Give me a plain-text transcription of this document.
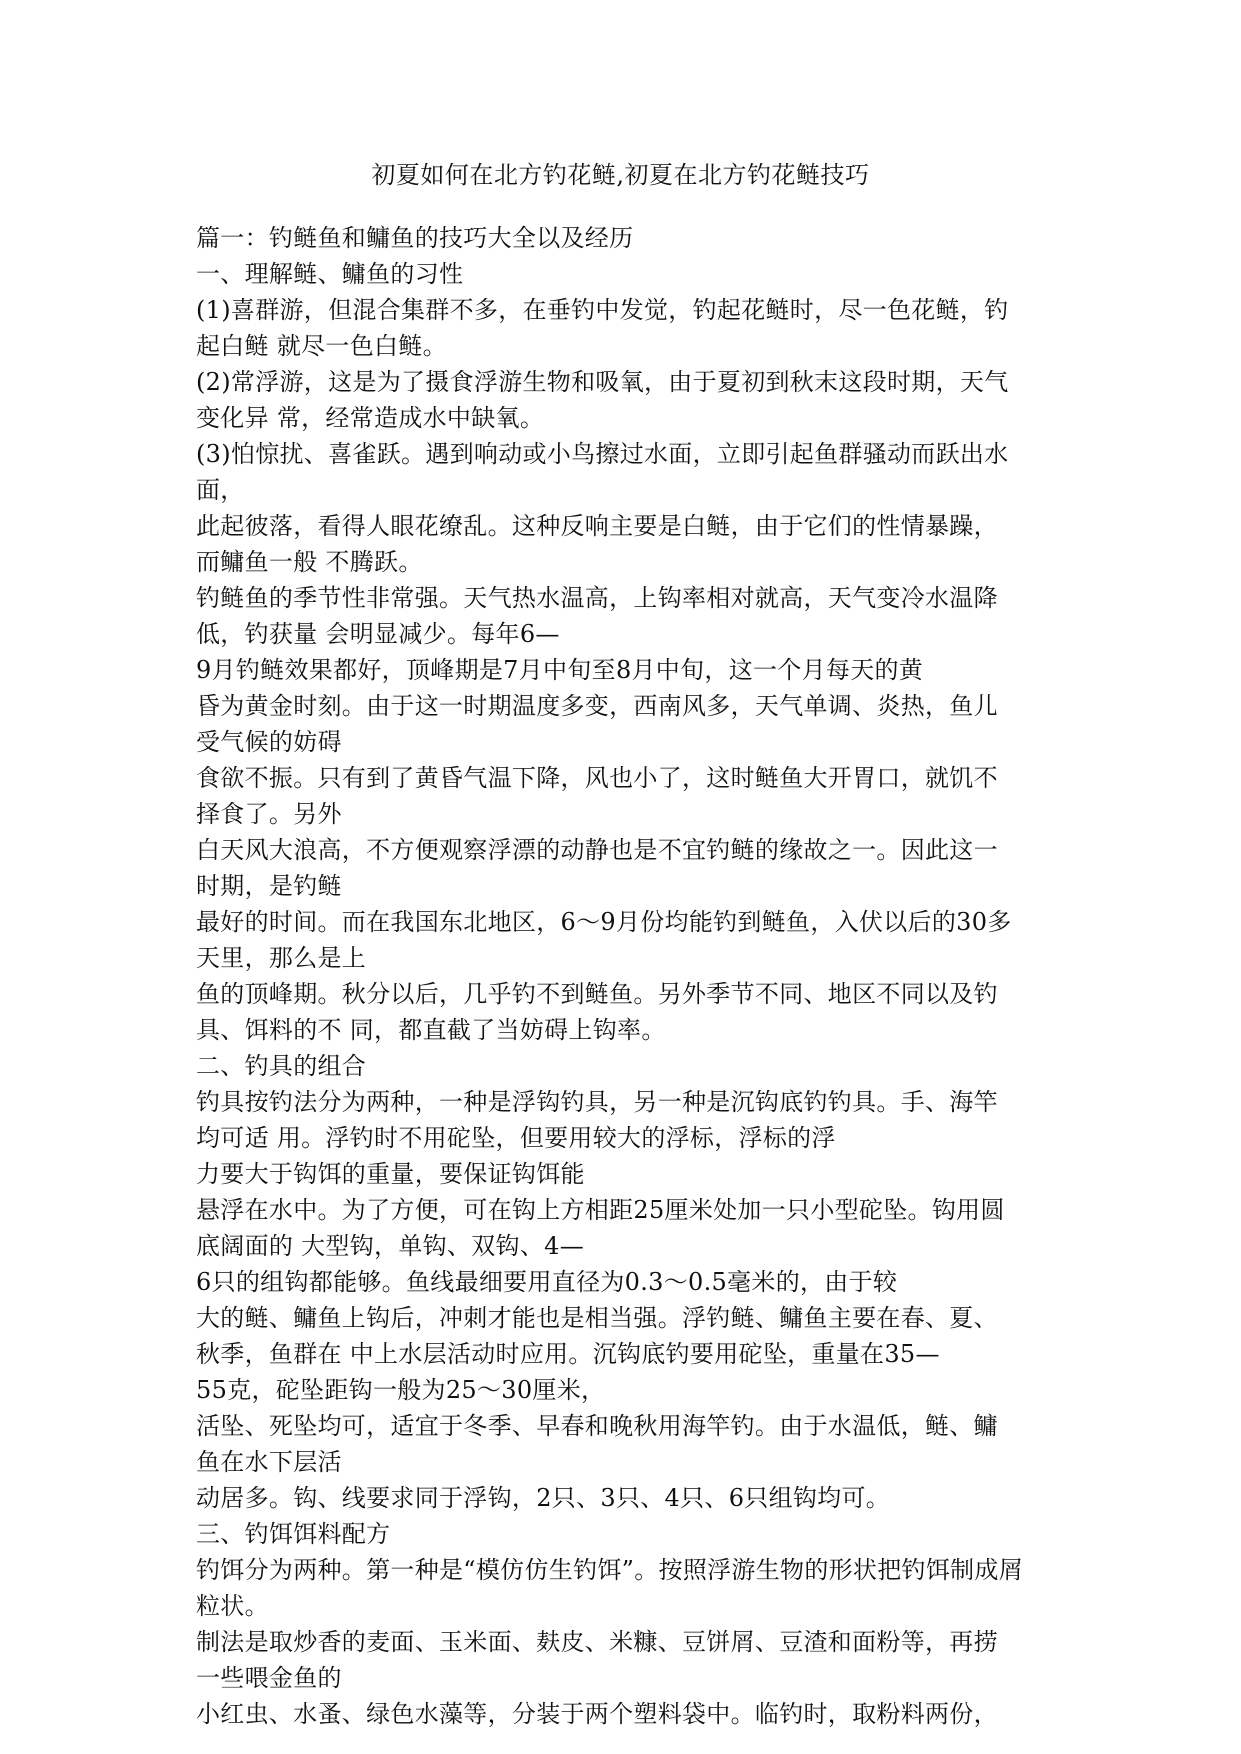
初夏如何在北方钓花鲢,初夏在北方钓花鲢技巧
篇一：钓鲢鱼和鳙鱼的技巧大全以及经历
一、理解鲢、鳙鱼的习性
(1)喜群游，但混合集群不多，在垂钓中发觉，钓起花鲢时，尽一色花鲢，钓
起白鲢 就尽一色白鲢。
(2)常浮游，这是为了摄食浮游生物和吸氧，由于夏初到秋末这段时期，天气
变化异 常，经常造成水中缺氧。
(3)怕惊扰、喜雀跃。遇到响动或小鸟擦过水面，立即引起鱼群骚动而跃出水
面，
此起彼落，看得人眼花缭乱。这种反响主要是白鲢，由于它们的性情暴躁，
而鳙鱼一般 不腾跃。
钓鲢鱼的季节性非常强。天气热水温高，上钩率相对就高，天气变冷水温降
低，钓获量 会明显减少。每年6—
9月钓鲢效果都好，顶峰期是7月中旬至8月中旬，这一个月每天的黄
昏为黄金时刻。由于这一时期温度多变，西南风多，天气单调、炎热，鱼儿
受气候的妨碍
食欲不振。只有到了黄昏气温下降，风也小了，这时鲢鱼大开胃口，就饥不
择食了。另外
白天风大浪高，不方便观察浮漂的动静也是不宜钓鲢的缘故之一。因此这一
时期，是钓鲢
最好的时间。而在我国东北地区，6～9月份均能钓到鲢鱼，入伏以后的30多
天里，那么是上
鱼的顶峰期。秋分以后，几乎钓不到鲢鱼。另外季节不同、地区不同以及钓
具、饵料的不 同，都直截了当妨碍上钩率。
二、钓具的组合
钓具按钓法分为两种，一种是浮钩钓具，另一种是沉钩底钓钓具。手、海竿
均可适 用。浮钓时不用砣坠，但要用较大的浮标，浮标的浮
力要大于钩饵的重量，要保证钩饵能
悬浮在水中。为了方便，可在钩上方相距25厘米处加一只小型砣坠。钩用圆
底阔面的 大型钩，单钩、双钩、4—
6只的组钩都能够。鱼线最细要用直径为0.3～0.5毫米的，由于较
大的鲢、鳙鱼上钩后，冲刺才能也是相当强。浮钓鲢、鳙鱼主要在春、夏、
秋季，鱼群在 中上水层活动时应用。沉钩底钓要用砣坠，重量在35—
55克，砣坠距钩一般为25～30厘米，
活坠、死坠均可，适宜于冬季、早春和晚秋用海竿钓。由于水温低，鲢、鳙
鱼在水下层活
动居多。钩、线要求同于浮钩，2只、3只、4只、6只组钩均可。
三、钓饵饵料配方
钓饵分为两种。第一种是“模仿仿生钓饵”。按照浮游生物的形状把钓饵制成屑
粒状。
制法是取炒香的麦面、玉米面、麸皮、米糠、豆饼屑、豆渣和面粉等，再捞
一些喂金鱼的
小红虫、水蚤、绿色水藻等，分装于两个塑料袋中。临钓时，取粉料两份，
